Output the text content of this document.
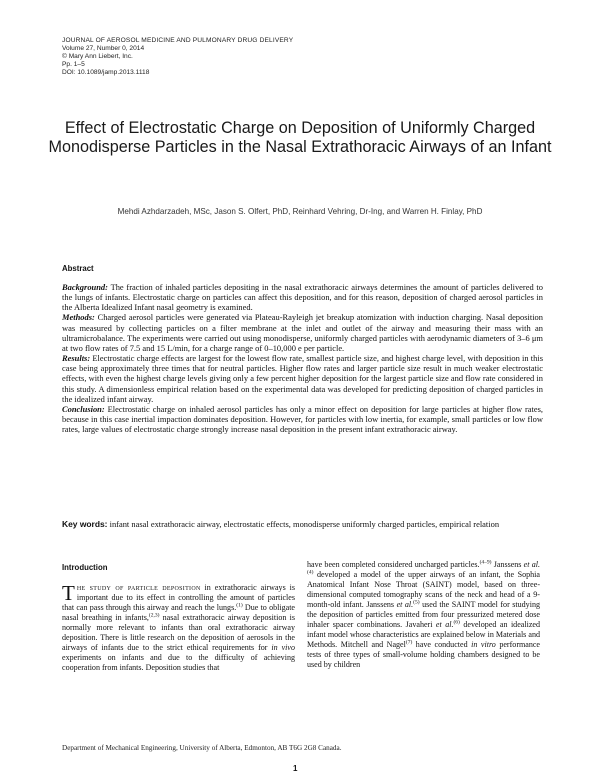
JOURNAL OF AEROSOL MEDICINE AND PULMONARY DRUG DELIVERY
Volume 27, Number 0, 2014
© Mary Ann Liebert, Inc.
Pp. 1–5
DOI: 10.1089/jamp.2013.1118
Effect of Electrostatic Charge on Deposition of Uniformly Charged Monodisperse Particles in the Nasal Extrathoracic Airways of an Infant
Mehdi Azhdarzadeh, MSc, Jason S. Olfert, PhD, Reinhard Vehring, Dr-Ing, and Warren H. Finlay, PhD
Abstract

Background: The fraction of inhaled particles depositing in the nasal extrathoracic airways determines the amount of particles delivered to the lungs of infants. Electrostatic charge on particles can affect this deposition, and for this reason, deposition of charged aerosol particles in the Alberta Idealized Infant nasal geometry is examined.

Methods: Charged aerosol particles were generated via Plateau-Rayleigh jet breakup atomization with induction charging. Nasal deposition was measured by collecting particles on a filter membrane at the inlet and outlet of the airway and measuring their mass with an ultramicrobalance. The experiments were carried out using monodisperse, uniformly charged particles with aerodynamic diameters of 3–6 μm at two flow rates of 7.5 and 15 L/min, for a charge range of 0–10,000 e per particle.

Results: Electrostatic charge effects are largest for the lowest flow rate, smallest particle size, and highest charge level, with deposition in this case being approximately three times that for neutral particles. Higher flow rates and larger particle size result in much weaker electrostatic effects, with even the highest charge levels giving only a few percent higher deposition for the largest particle size and flow rate considered in this study. A dimensionless empirical relation based on the experimental data was developed for predicting deposition of charged particles in the idealized infant airway.

Conclusion: Electrostatic charge on inhaled aerosol particles has only a minor effect on deposition for large particles at higher flow rates, because in this case inertial impaction dominates deposition. However, for particles with low inertia, for example, small particles or low flow rates, large values of electrostatic charge strongly increase nasal deposition in the present infant extrathoracic airway.

Key words: infant nasal extrathoracic airway, electrostatic effects, monodisperse uniformly charged particles, empirical relation
Introduction

The study of particle deposition in extrathoracic airways is important due to its effect in controlling the amount of particles that can pass through this airway and reach the lungs.$^{(1)}$ Due to obligate nasal breathing in infants,$^{(2,3)}$ nasal extrathoracic airway deposition is normally more relevant to infants than oral extrathoracic airway deposition. There is little research on the deposition of aerosols in the airways of infants due to the strict ethical requirements for in vivo experiments on infants and due to the difficulty of achieving cooperation from infants. Deposition studies that

have been completed considered uncharged particles.$^{(4-9)}$ Janssens et al.$^{(4)}$ developed a model of the upper airways of an infant, the Sophia Anatomical Infant Nose Throat (SAINT) model, based on three-dimensional computed tomography scans of the neck and head of a 9-month-old infant. Janssens et al.$^{(5)}$ used the SAINT model for studying the deposition of particles emitted from four pressurized metered dose inhaler spacer combinations. Javaheri et al.$^{(6)}$ developed an idealized infant model whose characteristics are explained below in Materials and Methods. Mitchell and Nagel$^{(7)}$ have conducted in vitro performance tests of three types of small-volume holding chambers designed to be used by children

Department of Mechanical Engineering, University of Alberta, Edmonton, AB T6G 2G8 Canada.
1
